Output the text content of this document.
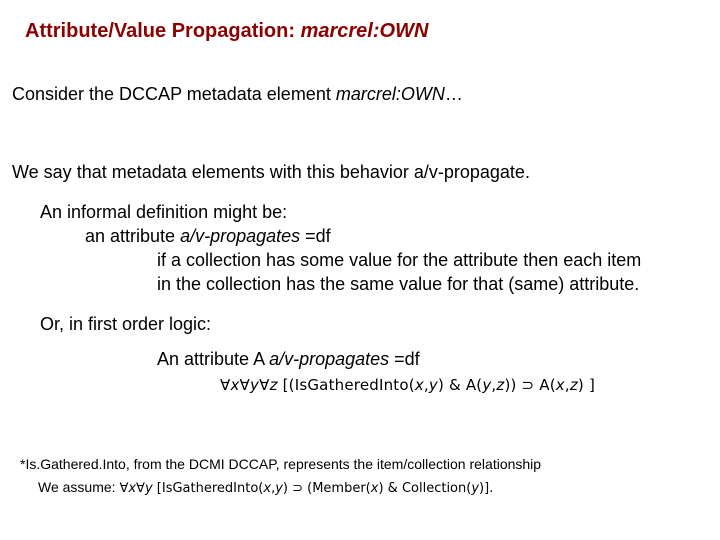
Attribute/Value Propagation: marcrel:OWN
Consider the DCCAP metadata element marcrel:OWN…
We say that metadata elements with this behavior a/v-propagate.
An informal definition might be:
an attribute a/v-propagates =df
if a collection has some value for the attribute then each item
in the collection has the same value for that (same) attribute.
Or, in first order logic:
An attribute A a/v-propagates =df
∀x∀y∀z [(IsGatheredInto(x,y) & A(y,z)) ⊃ A(x,z) ]
*Is.Gathered.Into, from the DCMI DCCAP, represents the item/collection relationship
We assume: ∀x∀y [IsGatheredInto(x,y) ⊃ (Member(x) & Collection(y)].
